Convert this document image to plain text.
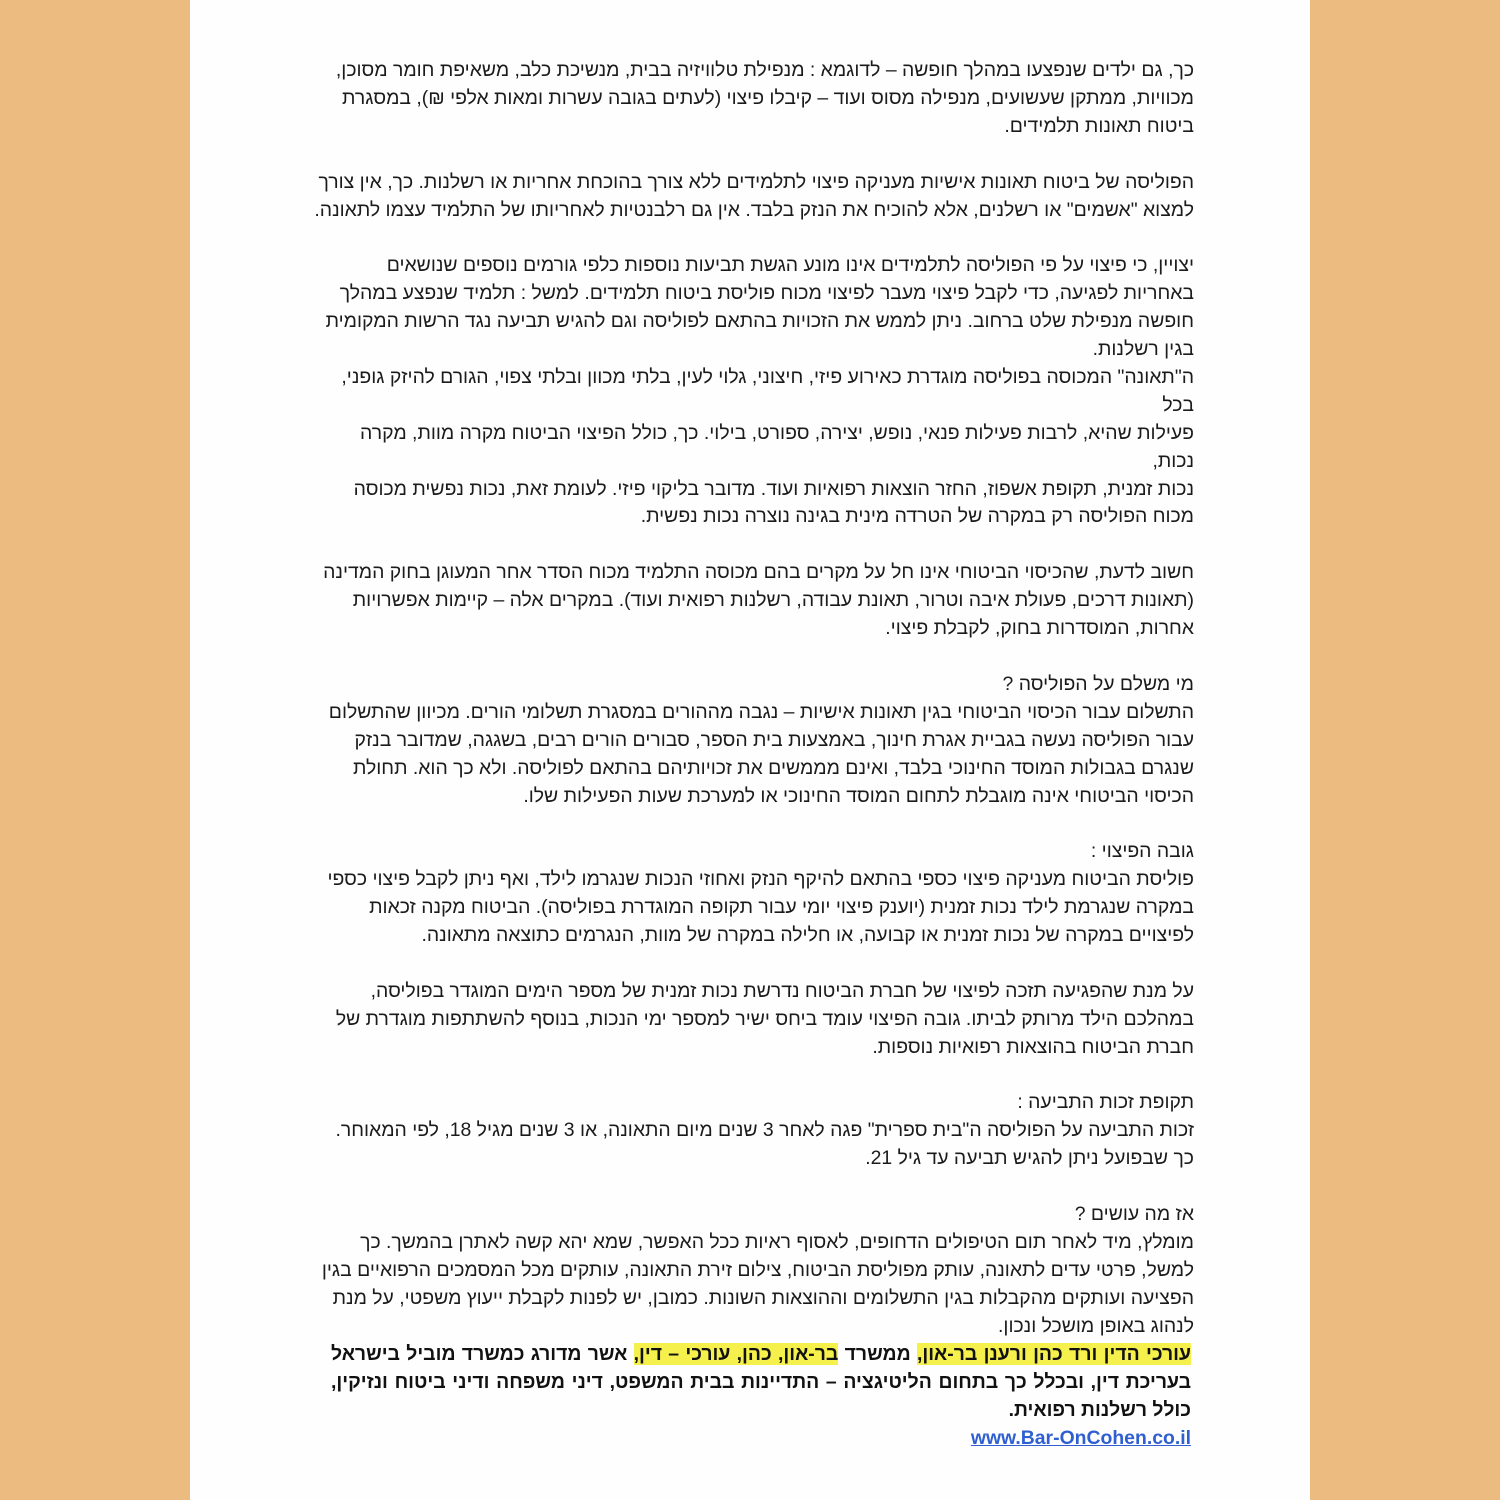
כך, גם ילדים שנפצעו במהלך חופשה – לדוגמא : מנפילת טלוויזיה בבית, מנשיכת כלב, משאיפת חומר מסוכן,
מכוויות, ממתקן שעשועים, מנפילה מסוס ועוד – קיבלו פיצוי (לעתים בגובה עשרות ומאות אלפי ₪), במסגרת
ביטוח תאונות תלמידים.

הפוליסה של ביטוח תאונות אישיות מעניקה פיצוי לתלמידים ללא צורך בהוכחת אחריות או רשלנות. כך, אין צורך
למצוא "אשמים" או רשלנים, אלא להוכיח את הנזק בלבד. אין גם רלבנטיות לאחריותו של התלמיד עצמו לתאונה.

יצויין, כי פיצוי על פי הפוליסה לתלמידים אינו מונע הגשת תביעות נוספות כלפי גורמים נוספים שנושאים
באחריות לפגיעה, כדי לקבל פיצוי מעבר לפיצוי מכוח פוליסת ביטוח תלמידים. למשל : תלמיד שנפצע במהלך
חופשה מנפילת שלט ברחוב. ניתן לממש את הזכויות בהתאם לפוליסה וגם להגיש תביעה נגד הרשות המקומית
בגין רשלנות.

ה"תאונה" המכוסה בפוליסה מוגדרת כאירוע פיזי, חיצוני, גלוי לעין, בלתי מכוון ובלתי צפוי, הגורם להיזק גופני, בכל
פעילות שהיא, לרבות פעילות פנאי, נופש, יצירה, ספורט, בילוי. כך, כולל הפיצוי הביטוח מקרה מוות, מקרה נכות,
נכות זמנית, תקופת אשפוז, החזר הוצאות רפואיות ועוד. מדובר בליקוי פיזי. לעומת זאת, נכות נפשית מכוסה
מכוח הפוליסה רק במקרה של הטרדה מינית בגינה נוצרה נכות נפשית.

חשוב לדעת, שהכיסוי הביטוחי אינו חל על מקרים בהם מכוסה התלמיד מכוח הסדר אחר המעוגן בחוק המדינה
(תאונות דרכים, פעולת איבה וטרור, תאונת עבודה, רשלנות רפואית ועוד). במקרים אלה – קיימות אפשרויות
אחרות, המוסדרות בחוק, לקבלת פיצוי.

מי משלם על הפוליסה ?
התשלום עבור הכיסוי הביטוחי בגין תאונות אישיות – נגבה מההורים במסגרת תשלומי הורים. מכיוון שהתשלום
עבור הפוליסה נעשה בגביית אגרת חינוך, באמצעות בית הספר, סבורים הורים רבים, בשגגה, שמדובר בנזק
שנגרם בגבולות המוסד החינוכי בלבד, ואינם מממשים את זכויותיהם בהתאם לפוליסה. ולא כך הוא. תחולת
הכיסוי הביטוחי אינה מוגבלת לתחום המוסד החינוכי או למערכת שעות הפעילות שלו.

גובה הפיצוי :
פוליסת הביטוח מעניקה פיצוי כספי בהתאם להיקף הנזק ואחוזי הנכות שנגרמו לילד, ואף ניתן לקבל פיצוי כספי
במקרה שנגרמת לילד נכות זמנית (יוענק פיצוי יומי עבור תקופה המוגדרת בפוליסה). הביטוח מקנה זכאות
לפיצויים במקרה של נכות זמנית או קבועה, או חלילה במקרה של מוות, הנגרמים כתוצאה מתאונה.

על מנת שהפגיעה תזכה לפיצוי של חברת הביטוח נדרשת נכות זמנית של מספר הימים המוגדר בפוליסה,
במהלכם הילד מרותק לביתו. גובה הפיצוי עומד ביחס ישיר למספר ימי הנכות, בנוסף להשתתפות מוגדרת של
חברת הביטוח בהוצאות רפואיות נוספות.

תקופת זכות התביעה :
זכות התביעה על הפוליסה ה"בית ספרית" פגה לאחר 3 שנים מיום התאונה, או 3 שנים מגיל 18, לפי המאוחר.
כך שבפועל ניתן להגיש תביעה עד גיל 21.

אז מה עושים ?
מומלץ, מיד לאחר תום הטיפולים הדחופים, לאסוף ראיות ככל האפשר, שמא יהא קשה לאתרן בהמשך. כך
למשל, פרטי עדים לתאונה, עותק מפוליסת הביטוח, צילום זירת התאונה, עותקים מכל המסמכים הרפואיים בגין
הפציעה ועותקים מהקבלות בגין התשלומים וההוצאות השונות. כמובן, יש לפנות לקבלת ייעוץ משפטי, על מנת
לנהוג באופן מושכל ונכון.

עורכי הדין ורד כהן ורענן בר-און, ממשרד בר-און, כהן, עורכי – דין, אשר מדורג כמשרד מוביל בישראל בעריכת דין, ובכלל כך בתחום הליטיגציה – התדיינות בבית המשפט, דיני משפחה ודיני ביטוח ונזיקין, כולל רשלנות רפואית.
www.Bar-OnCohen.co.il
